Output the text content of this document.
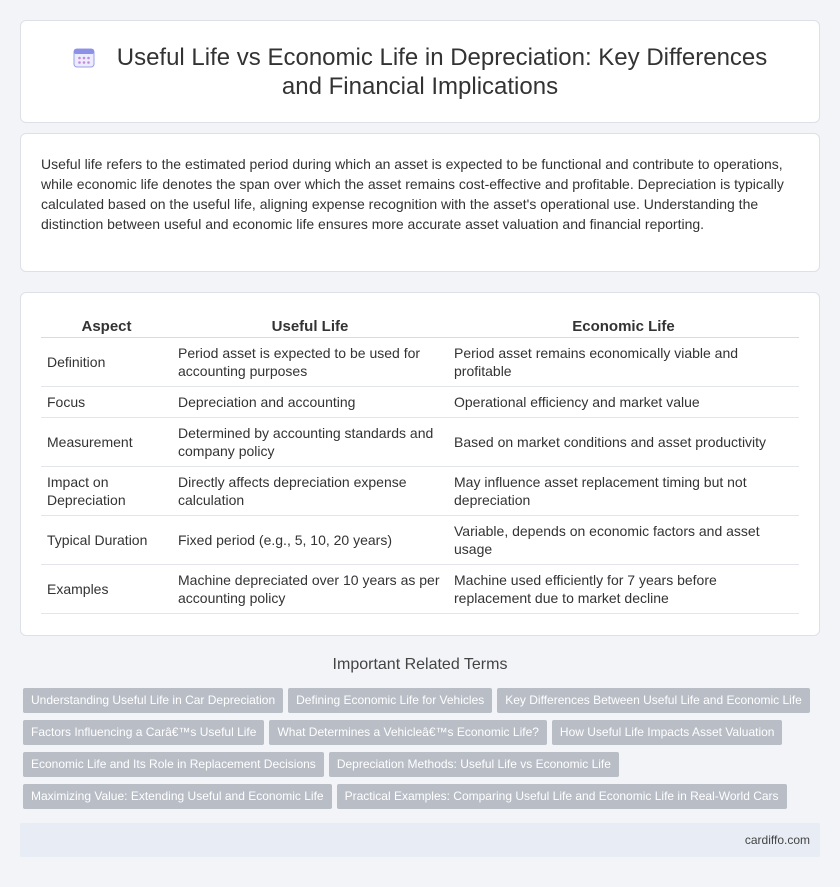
Useful Life vs Economic Life in Depreciation: Key Differences and Financial Implications

Useful life refers to the estimated period during which an asset is expected to be functional and contribute to operations, while economic life denotes the span over which the asset remains cost-effective and profitable. Depreciation is typically calculated based on the useful life, aligning expense recognition with the asset's operational use. Understanding the distinction between useful and economic life ensures more accurate asset valuation and financial reporting.

Aspect	Useful Life	Economic Life
Definition	Period asset is expected to be used for accounting purposes	Period asset remains economically viable and profitable
Focus	Depreciation and accounting	Operational efficiency and market value
Measurement	Determined by accounting standards and company policy	Based on market conditions and asset productivity
Impact on Depreciation	Directly affects depreciation expense calculation	May influence asset replacement timing but not depreciation
Typical Duration	Fixed period (e.g., 5, 10, 20 years)	Variable, depends on economic factors and asset usage
Examples	Machine depreciated over 10 years as per accounting policy	Machine used efficiently for 7 years before replacement due to market decline
Important Related Terms
Understanding Useful Life in Car Depreciation Defining Economic Life for Vehicles Key Differences Between Useful Life and Economic Life
Factors Influencing a Carâ€™s Useful Life What Determines a Vehicleâ€™s Economic Life? How Useful Life Impacts Asset Valuation
Economic Life and Its Role in Replacement Decisions Depreciation Methods: Useful Life vs Economic Life
Maximizing Value: Extending Useful and Economic Life Practical Examples: Comparing Useful Life and Economic Life in Real-World Cars
cardiffo.com
